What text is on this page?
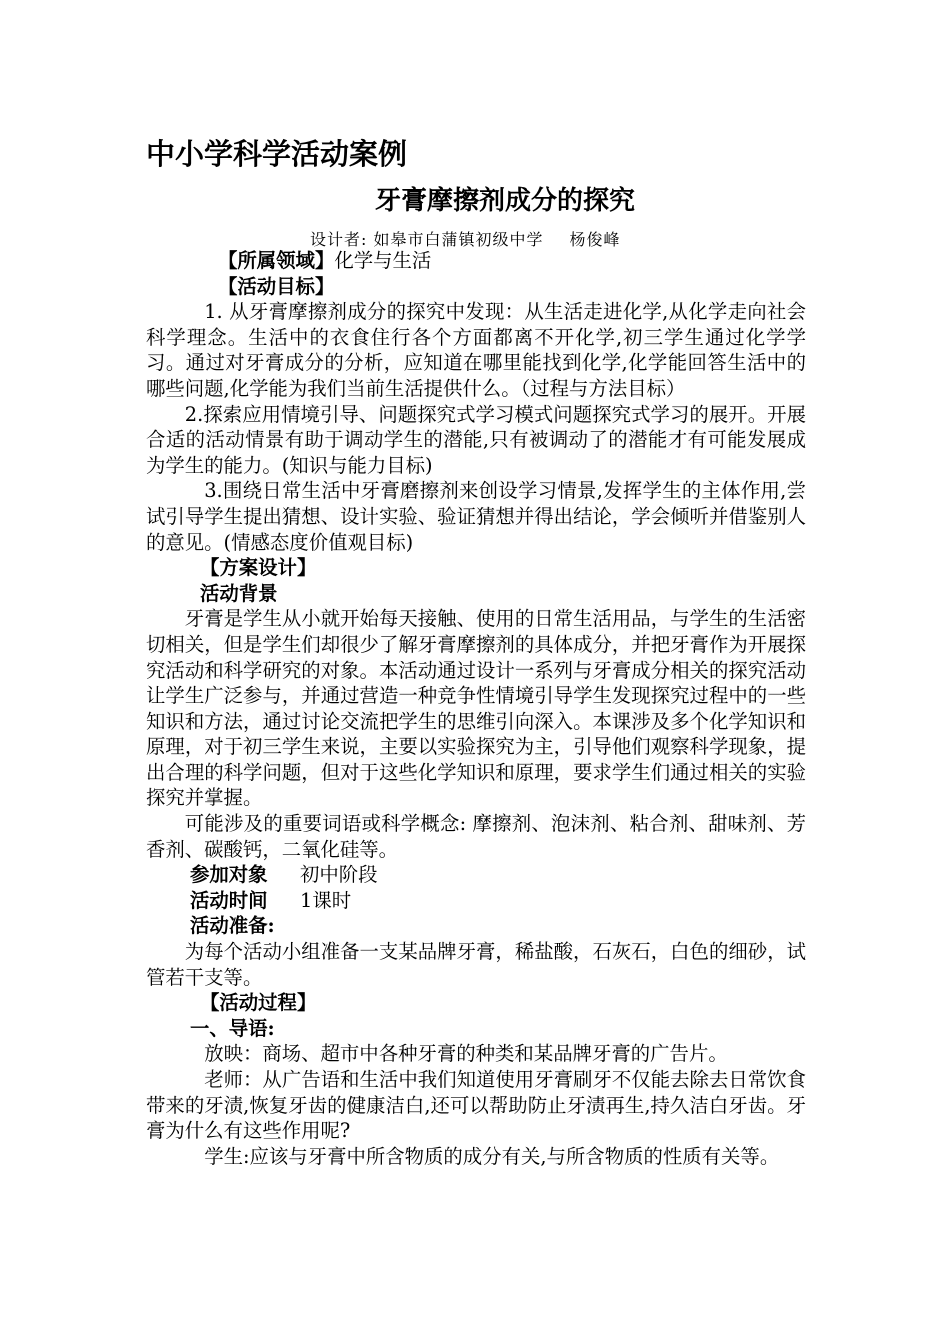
中小学科学活动案例
牙膏摩擦剂成分的探究
设计者: 如皋市白蒲镇初级中学 杨俊峰

【所属领域】化学与生活

【活动目标】

1. 从牙膏摩擦剂成分的探究中发现：从生活走进化学,从化学走向社会科学理念。生活中的衣食住行各个方面都离不开化学,初三学生通过化学学习。通过对牙膏成分的分析，应知道在哪里能找到化学,化学能回答生活中的哪些问题,化学能为我们当前生活提供什么。（过程与方法目标）

2.探索应用情境引导、问题探究式学习模式问题探究式学习的展开。开展合适的活动情景有助于调动学生的潜能,只有被调动了的潜能才有可能发展成为学生的能力。(知识与能力目标)

3.围绕日常生活中牙膏磨擦剂来创设学习情景,发挥学生的主体作用,尝试引导学生提出猜想、设计实验、验证猜想并得出结论，学会倾听并借鉴别人的意见。(情感态度价值观目标)

【方案设计】

活动背景

牙膏是学生从小就开始每天接触、使用的日常生活用品，与学生的生活密切相关，但是学生们却很少了解牙膏摩擦剂的具体成分，并把牙膏作为开展探究活动和科学研究的对象。本活动通过设计一系列与牙膏成分相关的探究活动让学生广泛参与，并通过营造一种竞争性情境引导学生发现探究过程中的一些知识和方法，通过讨论交流把学生的思维引向深入。本课涉及多个化学知识和原理，对于初三学生来说，主要以实验探究为主，引导他们观察科学现象，提出合理的科学问题，但对于这些化学知识和原理，要求学生们通过相关的实验探究并掌握。

可能涉及的重要词语或科学概念: 摩擦剂、泡沫剂、粘合剂、甜味剂、芳香剂、碳酸钙，二氧化硅等。

参加对象 初中阶段

活动时间 1课时

活动准备:

为每个活动小组准备一支某品牌牙膏，稀盐酸，石灰石，白色的细砂，试管若干支等。

【活动过程】

一、导语:

放映：商场、超市中各种牙膏的种类和某品牌牙膏的广告片。

老师：从广告语和生活中我们知道使用牙膏刷牙不仅能去除去日常饮食带来的牙渍,恢复牙齿的健康洁白,还可以帮助防止牙渍再生,持久洁白牙齿。牙膏为什么有这些作用呢?

学生:应该与牙膏中所含物质的成分有关,与所含物质的性质有关等。
